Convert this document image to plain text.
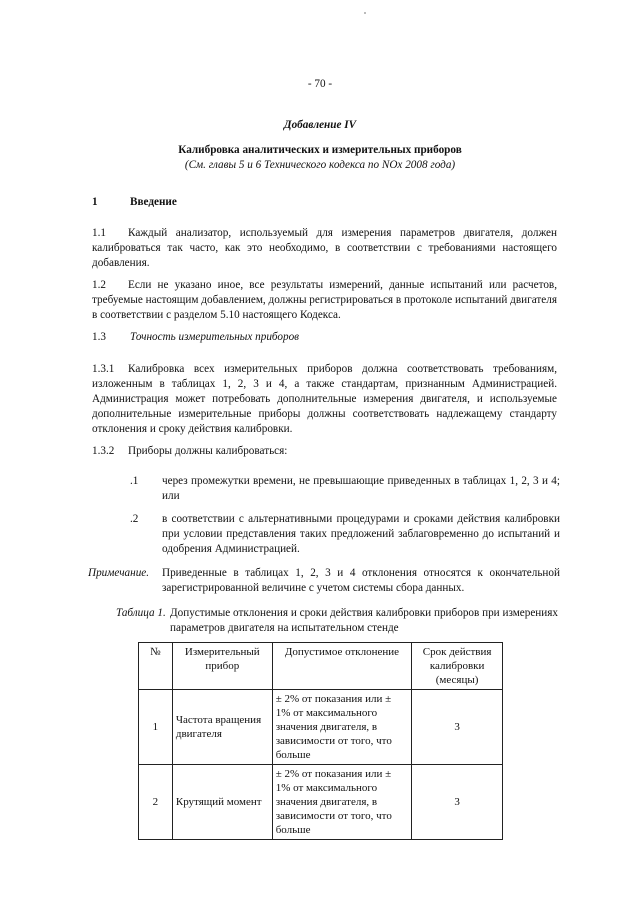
- 70 -
Добавление IV
Калибровка аналитических и измерительных приборов
(См. главы 5 и 6 Технического кодекса по NOx 2008 года)
1	Введение
1.1	Каждый анализатор, используемый для измерения параметров двигателя, должен калиброваться так часто, как это необходимо, в соответствии с требованиями настоящего добавления.
1.2	Если не указано иное, все результаты измерений, данные испытаний или расчетов, требуемые настоящим добавлением, должны регистрироваться в протоколе испытаний двигателя в соответствии с разделом 5.10 настоящего Кодекса.
1.3 Точность измерительных приборов
1.3.1	Калибровка всех измерительных приборов должна соответствовать требованиям, изложенным в таблицах 1, 2, 3 и 4, а также стандартам, признанным Администрацией. Администрация может потребовать дополнительные измерения двигателя, и используемые дополнительные измерительные приборы должны соответствовать надлежащему стандарту отклонения и сроку действия калибровки.
1.3.2 Приборы должны калиброваться:
.1 через промежутки времени, не превышающие приведенных в таблицах 1, 2, 3 и 4; или
.2 в соответствии с альтернативными процедурами и сроками действия калибровки при условии представления таких предложений заблаговременно до испытаний и одобрения Администрацией.
Примечание. Приведенные в таблицах 1, 2, 3 и 4 отклонения относятся к окончательной зарегистрированной величине с учетом системы сбора данных.
Таблица 1. Допустимые отклонения и сроки действия калибровки приборов при измерениях параметров двигателя на испытательном стенде
№	Измерительный прибор	Допустимое отклонение	Срок действия калибровки (месяцы)
1	Частота вращения двигателя	± 2% от показания или ± 1% от максимального значения двигателя, в зависимости от того, что больше	3
2	Крутящий момент	± 2% от показания или ± 1% от максимального значения двигателя, в зависимости от того, что больше	3
